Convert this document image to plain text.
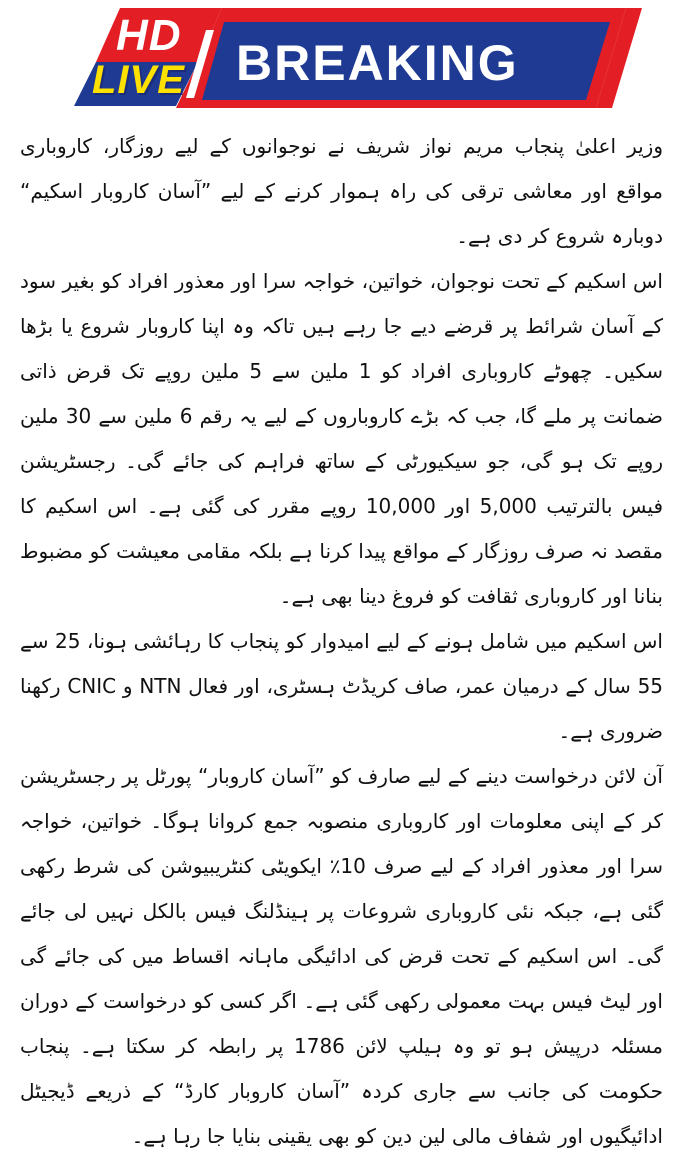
HD
LIVE BREAKING

وزیر اعلیٰ پنجاب مریم نواز شریف نے نوجوانوں کے لیے روزگار، کاروباری مواقع اور معاشی ترقی کی راہ ہموار کرنے کے لیے ”آسان کاروبار اسکیم“ دوبارہ شروع کر دی ہے۔

اس اسکیم کے تحت نوجوان، خواتین، خواجہ سرا اور معذور افراد کو بغیر سود کے آسان شرائط پر قرضے دیے جا رہے ہیں تاکہ وہ اپنا کاروبار شروع یا بڑھا سکیں۔ چھوٹے کاروباری افراد کو 1 ملین سے 5 ملین روپے تک قرض ذاتی ضمانت پر ملے گا، جب کہ بڑے کاروباروں کے لیے یہ رقم 6 ملین سے 30 ملین روپے تک ہو گی، جو سیکیورٹی کے ساتھ فراہم کی جائے گی۔ رجسٹریشن فیس بالترتیب 5,000 اور 10,000 روپے مقرر کی گئی ہے۔ اس اسکیم کا مقصد نہ صرف روزگار کے مواقع پیدا کرنا ہے بلکہ مقامی معیشت کو مضبوط بنانا اور کاروباری ثقافت کو فروغ دینا بھی ہے۔

اس اسکیم میں شامل ہونے کے لیے امیدوار کو پنجاب کا رہائشی ہونا، 25 سے 55 سال کے درمیان عمر، صاف کریڈٹ ہسٹری، اور فعال NTN و CNIC رکھنا ضروری ہے۔

آن لائن درخواست دینے کے لیے صارف کو ”آسان کاروبار“ پورٹل پر رجسٹریشن کر کے اپنی معلومات اور کاروباری منصوبہ جمع کروانا ہوگا۔ خواتین، خواجہ سرا اور معذور افراد کے لیے صرف 10٪ ایکویٹی کنٹریبیوشن کی شرط رکھی گئی ہے، جبکہ نئی کاروباری شروعات پر ہینڈلنگ فیس بالکل نہیں لی جائے گی۔ اس اسکیم کے تحت قرض کی ادائیگی ماہانہ اقساط میں کی جائے گی اور لیٹ فیس بہت معمولی رکھی گئی ہے۔ اگر کسی کو درخواست کے دوران مسئلہ درپیش ہو تو وہ ہیلپ لائن 1786 پر رابطہ کر سکتا ہے۔ پنجاب حکومت کی جانب سے جاری کردہ ”آسان کاروبار کارڈ“ کے ذریعے ڈیجیٹل ادائیگیوں اور شفاف مالی لین دین کو بھی یقینی بنایا جا رہا ہے۔
